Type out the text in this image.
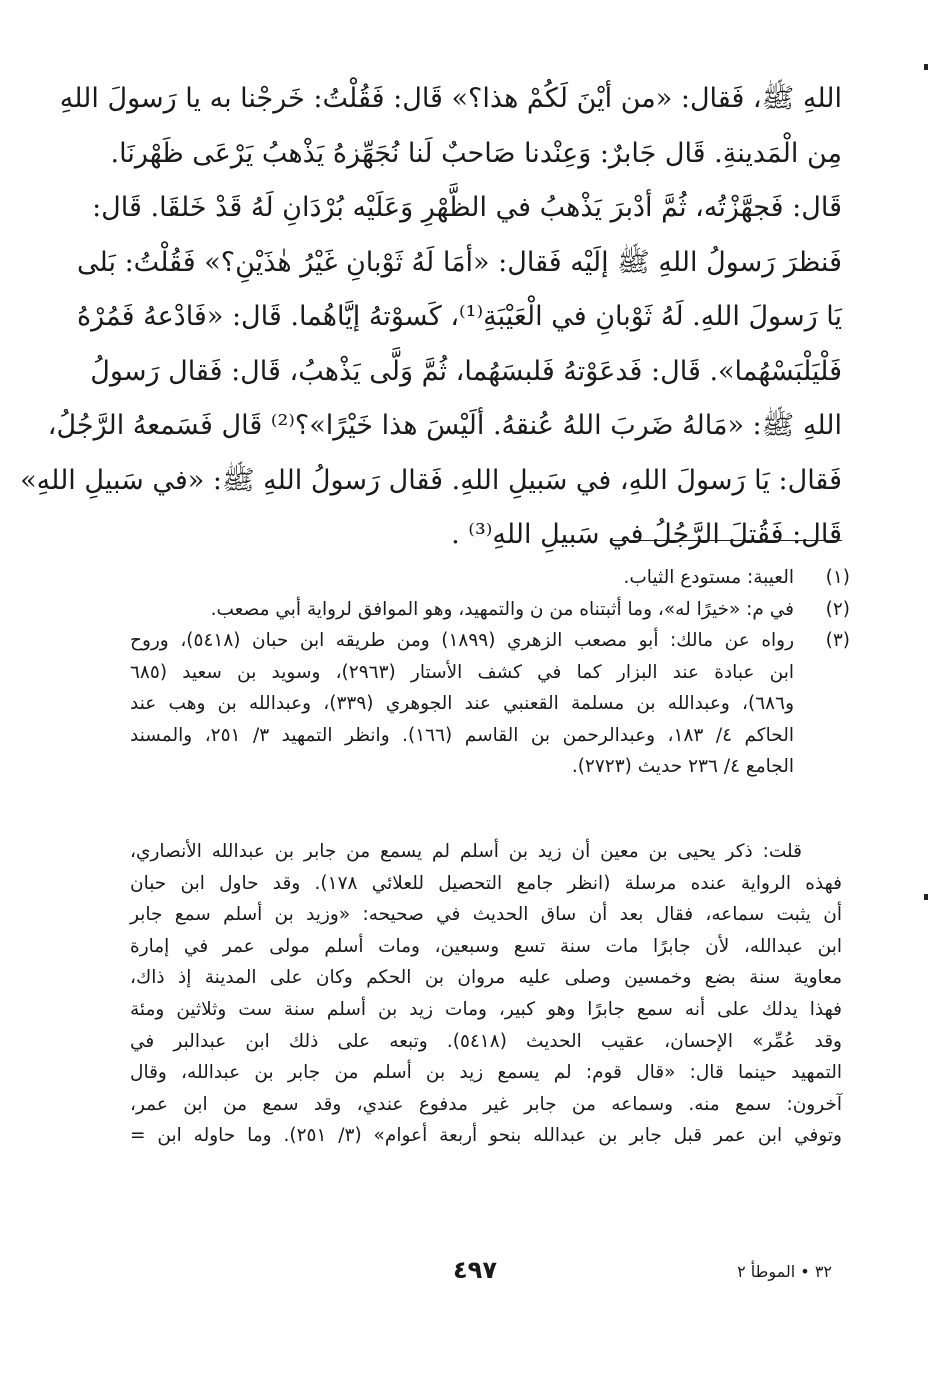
اللهِ ﷺ، فَقال: «من أيْنَ لَكُمْ هذا؟» قَال: فَقُلْتُ: خَرجْنا به يا رَسولَ اللهِ
مِن الْمَدينةِ. قَال جَابرٌ: وَعِنْدنا صَاحبٌ لَنا نُجَهِّزهُ يَذْهبُ يَرْعَى ظَهْرنَا.
قَال: فَجهَّزْتُه، ثُمَّ أدْبرَ يَذْهبُ في الظَّهْرِ وَعَلَيْه بُرْدَانِ لَهُ قَدْ خَلقَا. قَال:
فَنظرَ رَسولُ اللهِ ﷺ إلَيْه فَقال: «أمَا لَهُ ثَوْبانِ غَيْرُ هٰذَيْنِ؟» فَقُلْتُ: بَلى
يَا رَسولَ اللهِ. لَهُ ثَوْبانِ في الْعَيْبَةِ⁽¹⁾، كَسوْتهُ إيَّاهُما. قَال: «فَادْعهُ فَمُرْهُ
فَلْيَلْبَسْهُما». قَال: فَدعَوْتهُ فَلبسَهُما، ثُمَّ وَلَّى يَذْهبُ، قَال: فَقال رَسولُ
اللهِ ﷺ: «مَالهُ ضَربَ اللهُ عُنقهُ. ألَيْسَ هذا خَيْرًا»؟⁽²⁾ قَال فَسَمعهُ الرَّجُلُ،
فَقال: يَا رَسولَ اللهِ، في سَبيلِ اللهِ. فَقال رَسولُ اللهِ ﷺ: «في سَبيلِ اللهِ»
قَال: فَقُتلَ الرَّجُلُ في سَبيلِ اللهِ⁽³⁾ .
(١)
العيبة: مستودع الثياب.
(٢)
في م: «خيرًا له»، وما أثبتناه من ن والتمهيد، وهو الموافق لرواية أبي مصعب.
(٣)
رواه عن مالك: أبو مصعب الزهري (١٨٩٩) ومن طريقه ابن حبان (٥٤١٨)، وروح
ابن عبادة عند البزار كما في كشف الأستار (٢٩٦٣)، وسويد بن سعيد (٦٨٥
و٦٨٦)، وعبدالله بن مسلمة القعنبي عند الجوهري (٣٣٩)، وعبدالله بن وهب عند
الحاكم ٤/ ١٨٣، وعبدالرحمن بن القاسم (١٦٦). وانظر التمهيد ٣/ ٢٥١، والمسند
الجامع ٤/ ٢٣٦ حديث (٢٧٢٣).
قلت: ذكر يحيى بن معين أن زيد بن أسلم لم يسمع من جابر بن عبدالله الأنصاري،
فهذه الرواية عنده مرسلة (انظر جامع التحصيل للعلائي ١٧٨). وقد حاول ابن حبان
أن يثبت سماعه، فقال بعد أن ساق الحديث في صحيحه: «وزيد بن أسلم سمع جابر
ابن عبدالله، لأن جابرًا مات سنة تسع وسبعين، ومات أسلم مولى عمر في إمارة
معاوية سنة بضع وخمسين وصلى عليه مروان بن الحكم وكان على المدينة إذ ذاك،
فهذا يدلك على أنه سمع جابرًا وهو كبير، ومات زيد بن أسلم سنة ست وثلاثين ومئة
وقد عُمِّر» الإحسان، عقيب الحديث (٥٤١٨). وتبعه على ذلك ابن عبدالبر في
التمهيد حينما قال: «قال قوم: لم يسمع زيد بن أسلم من جابر بن عبدالله، وقال
آخرون: سمع منه. وسماعه من جابر غير مدفوع عندي، وقد سمع من ابن عمر،
وتوفي ابن عمر قبل جابر بن عبدالله بنحو أربعة أعوام» (٣/ ٢٥١). وما حاوله ابن =
٤٩٧	٣٢ • الموطأ ٢
